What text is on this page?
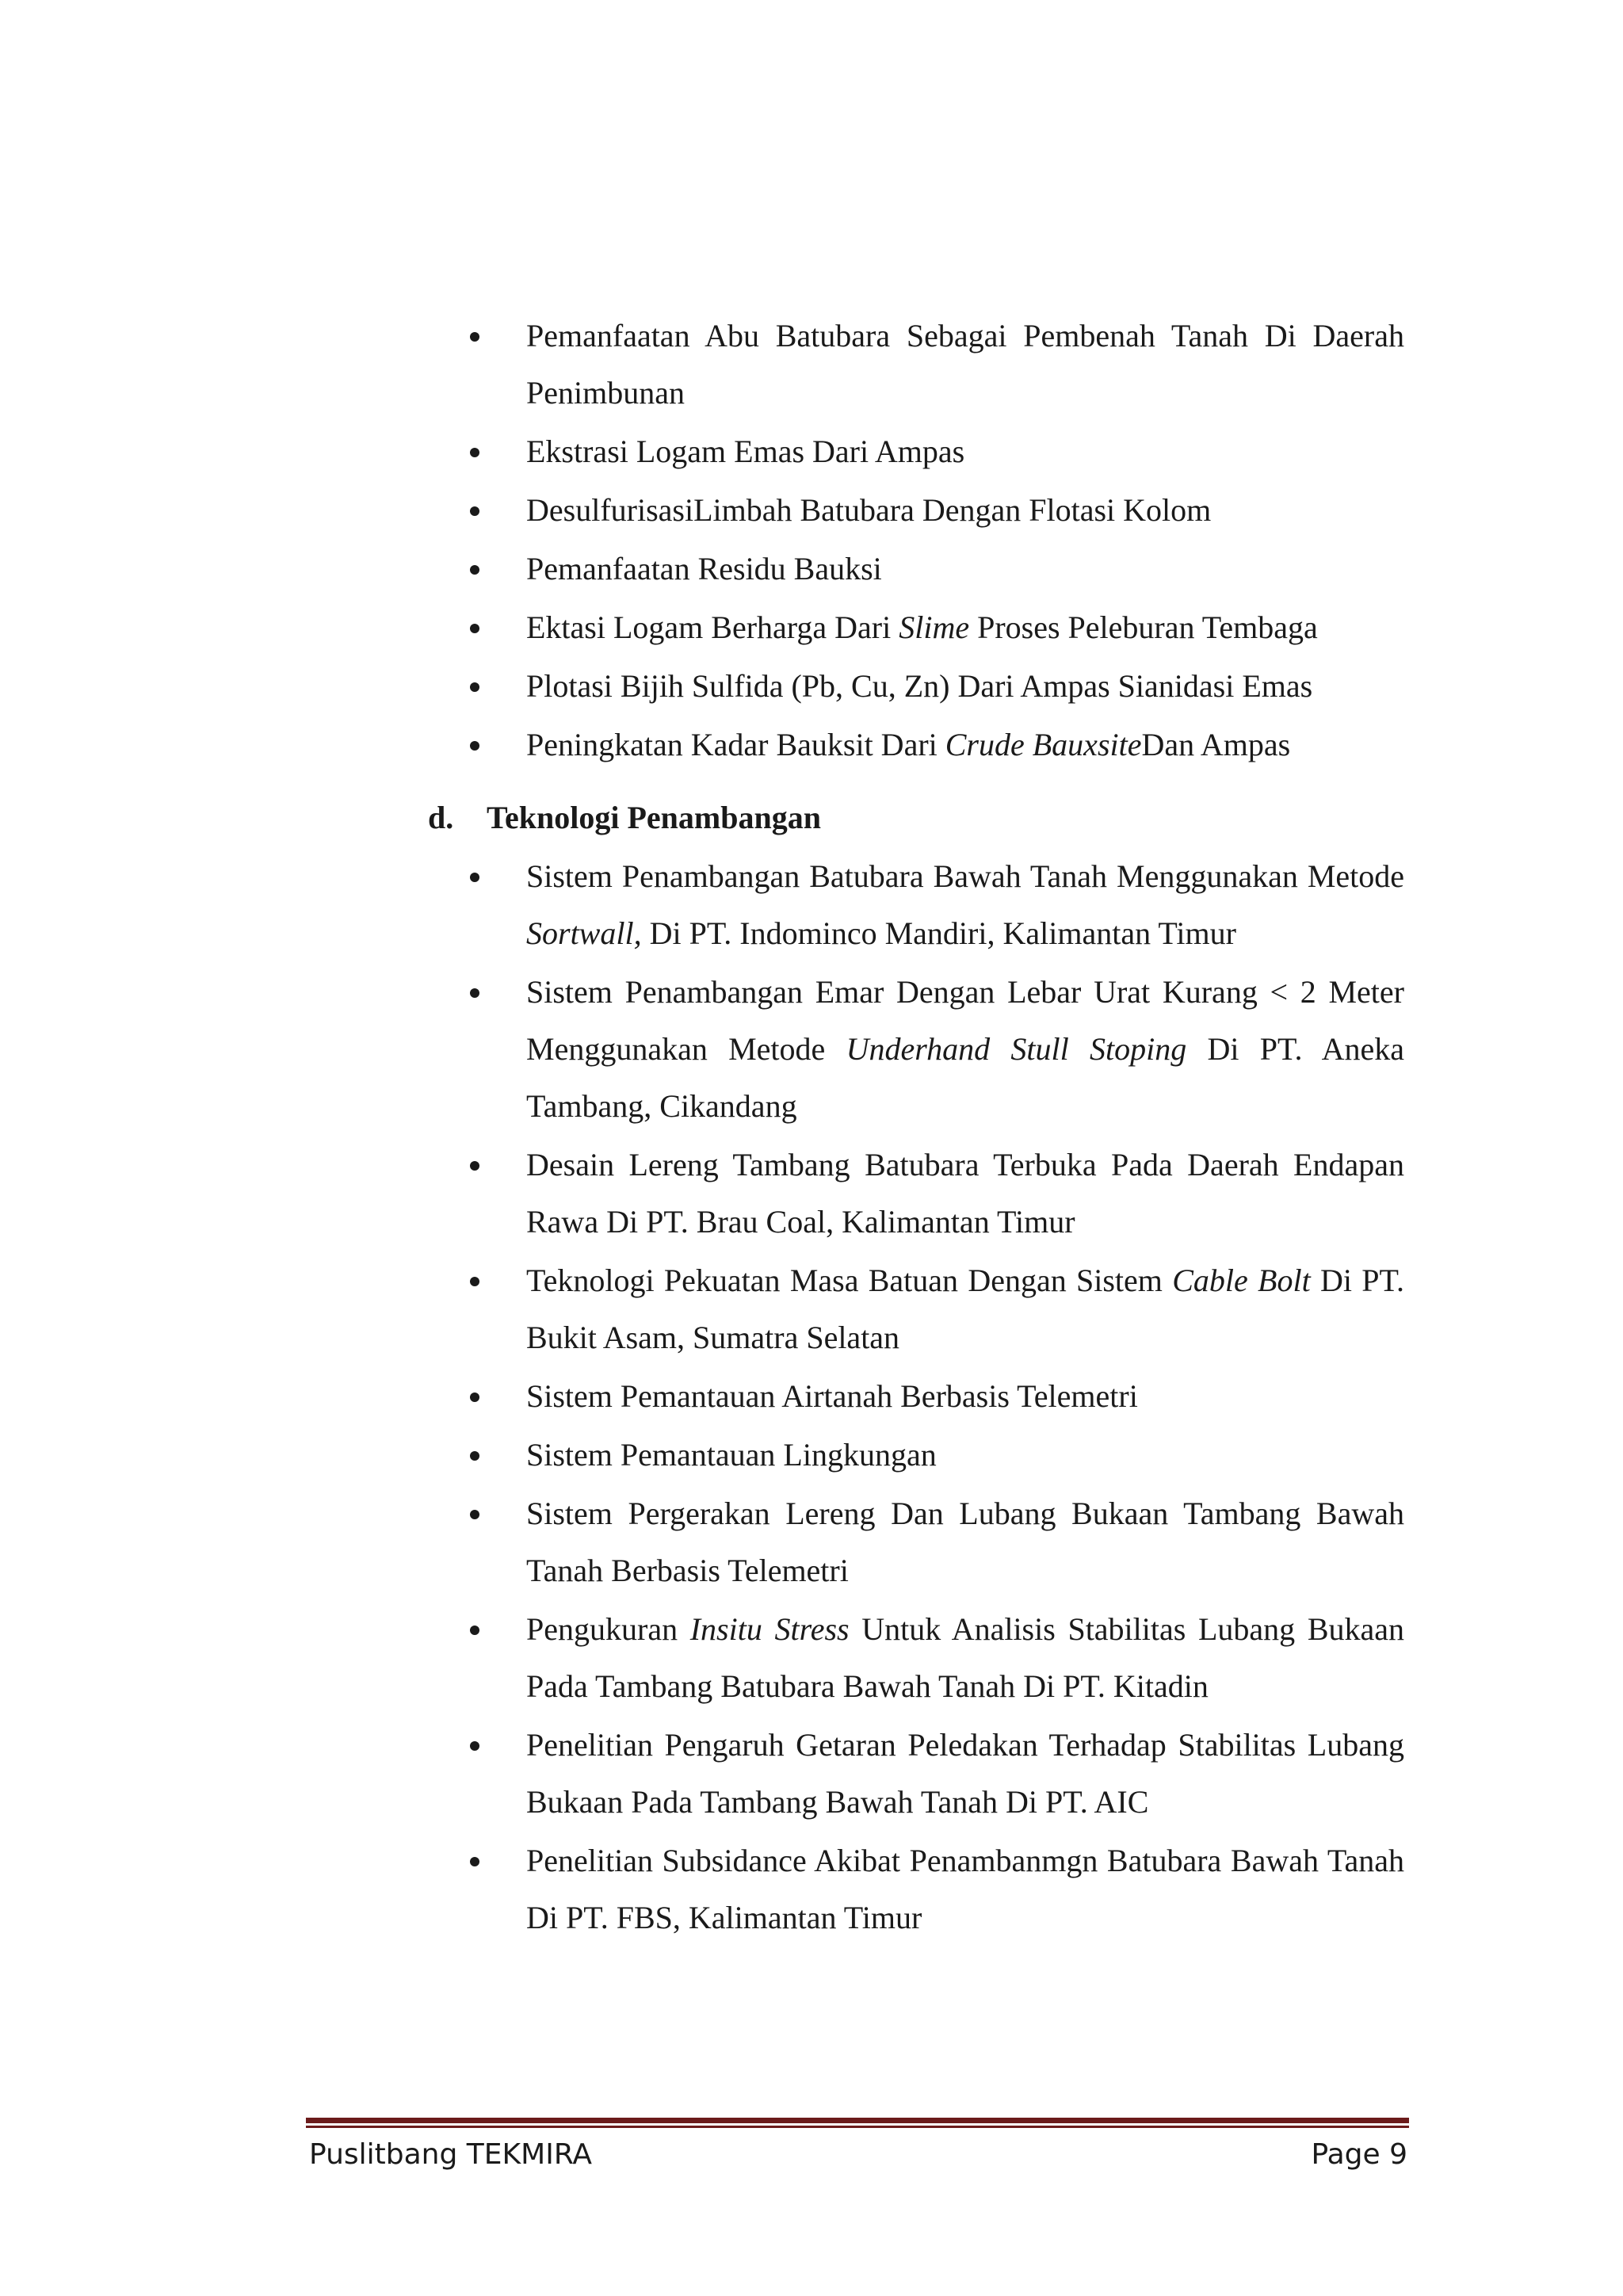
Pemanfaatan Abu Batubara Sebagai Pembenah Tanah Di Daerah Penimbunan
Ekstrasi Logam Emas Dari Ampas
DesulfurisasiLimbah Batubara Dengan Flotasi Kolom
Pemanfaatan Residu Bauksi
Ektasi Logam Berharga Dari Slime Proses Peleburan Tembaga
Plotasi Bijih Sulfida (Pb, Cu, Zn) Dari Ampas Sianidasi Emas
Peningkatan Kadar Bauksit Dari Crude BauxsiteDan Ampas
d. Teknologi Penambangan
Sistem Penambangan Batubara Bawah Tanah Menggunakan Metode Sortwall, Di PT. Indominco Mandiri, Kalimantan Timur
Sistem Penambangan Emar Dengan Lebar Urat Kurang < 2 Meter Menggunakan Metode Underhand Stull Stoping Di PT. Aneka Tambang, Cikandang
Desain Lereng Tambang Batubara Terbuka Pada Daerah Endapan Rawa Di PT. Brau Coal, Kalimantan Timur
Teknologi Pekuatan Masa Batuan Dengan Sistem Cable Bolt Di PT. Bukit Asam, Sumatra Selatan
Sistem Pemantauan Airtanah Berbasis Telemetri
Sistem Pemantauan Lingkungan
Sistem Pergerakan Lereng Dan Lubang Bukaan Tambang Bawah Tanah Berbasis Telemetri
Pengukuran Insitu Stress Untuk Analisis Stabilitas Lubang Bukaan Pada Tambang Batubara Bawah Tanah Di PT. Kitadin
Penelitian Pengaruh Getaran Peledakan Terhadap Stabilitas Lubang Bukaan Pada Tambang Bawah Tanah Di PT. AIC
Penelitian Subsidance Akibat Penambanmgn Batubara Bawah Tanah Di PT. FBS, Kalimantan Timur
Puslitbang TEKMIRA	Page 9
